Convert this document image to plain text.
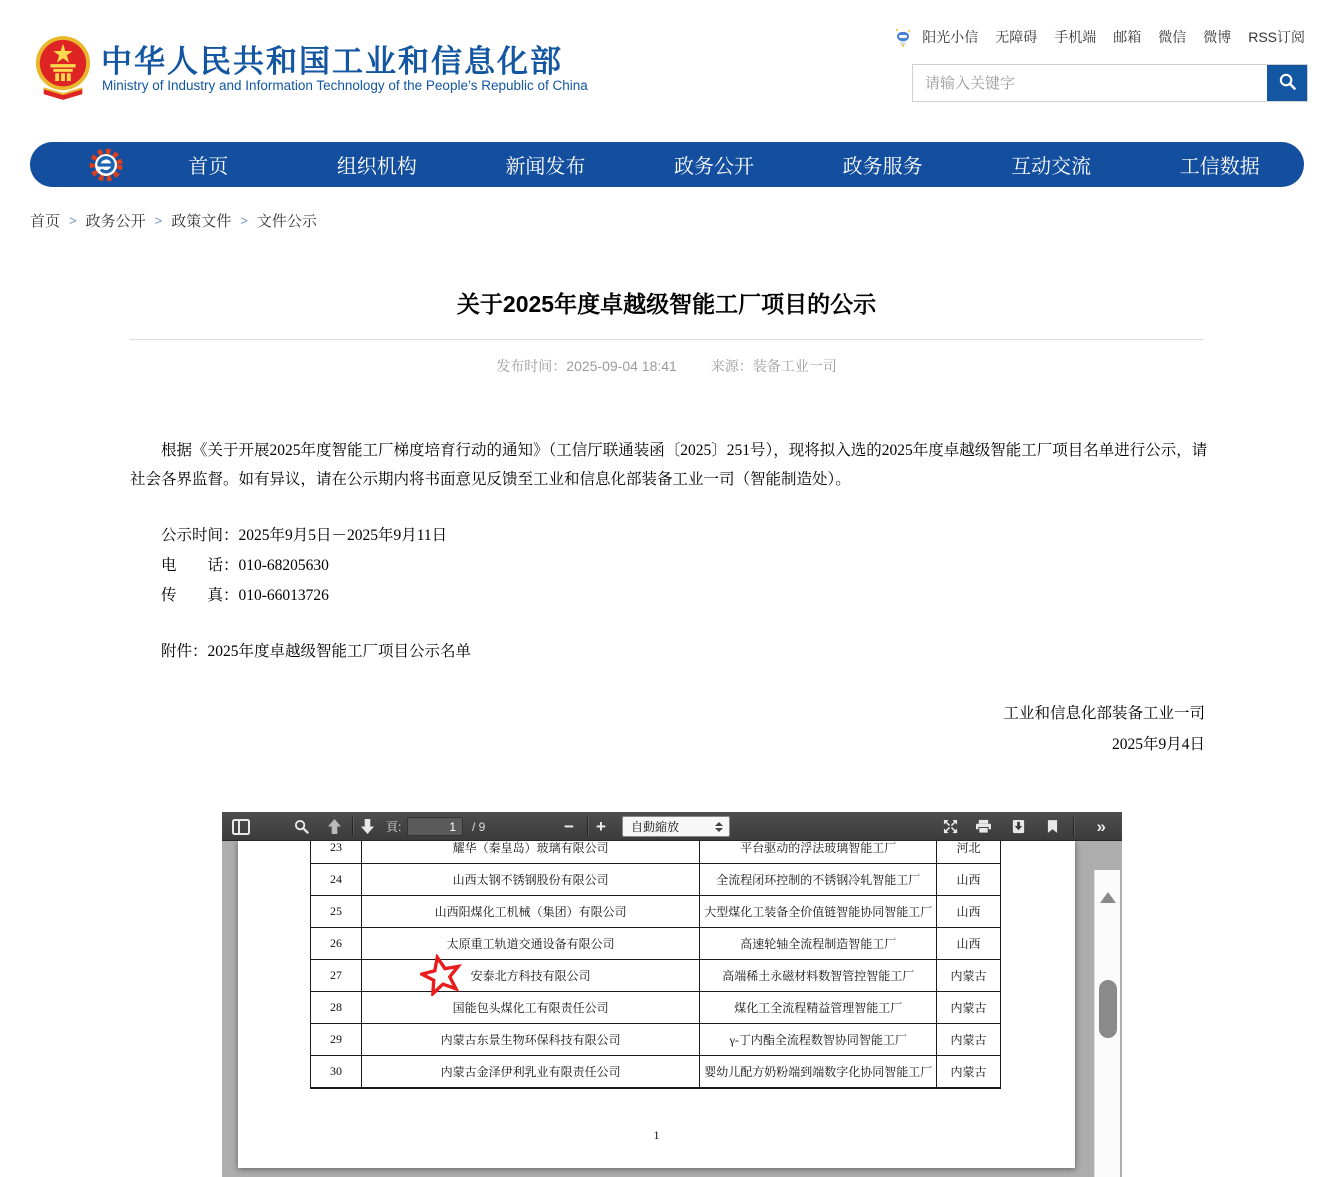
中华人民共和国工业和信息化部
Ministry of Industry and Information Technology of the People’s Republic of China
阳光小信 无障碍 手机端 邮箱 微信 微博 RSS订阅
请输入关键字
首页	组织机构	新闻发布	政务公开	政务服务	互动交流	工信数据
首页 > 政务公开 > 政策文件 > 文件公示
关于2025年度卓越级智能工厂项目的公示
发布时间：2025-09-04 18:41 来源：装备工业一司

根据《关于开展2025年度智能工厂梯度培育行动的通知》（工信厅联通装函〔2025〕251号），现将拟入选的2025年度卓越级智能工厂项目名单进行公示，请社会各界监督。如有异议，请在公示期内将书面意见反馈至工业和信息化部装备工业一司（智能制造处）。

公示时间：2025年9月5日－2025年9月11日

电　　话：010-68205630

传　　真：010-66013726

附件：2025年度卓越级智能工厂项目公示名单

工业和信息化部装备工业一司
2025年9月4日
頁:
1	/ 9	− +	自動縮放	»
23	耀华（秦皇岛）玻璃有限公司	平台驱动的浮法玻璃智能工厂	河北
24	山西太钢不锈钢股份有限公司	全流程闭环控制的不锈钢冷轧智能工厂	山西
25	山西阳煤化工机械（集团）有限公司	大型煤化工装备全价值链智能协同智能工厂	山西
26	太原重工轨道交通设备有限公司	高速轮轴全流程制造智能工厂	山西
27	安泰北方科技有限公司	高端稀土永磁材料数智管控智能工厂	内蒙古
28	国能包头煤化工有限责任公司	煤化工全流程精益管理智能工厂	内蒙古
29	内蒙古东景生物环保科技有限公司	γ-丁内酯全流程数智协同智能工厂	内蒙古
30	内蒙古金泽伊利乳业有限责任公司	婴幼儿配方奶粉端到端数字化协同智能工厂	内蒙古
1
